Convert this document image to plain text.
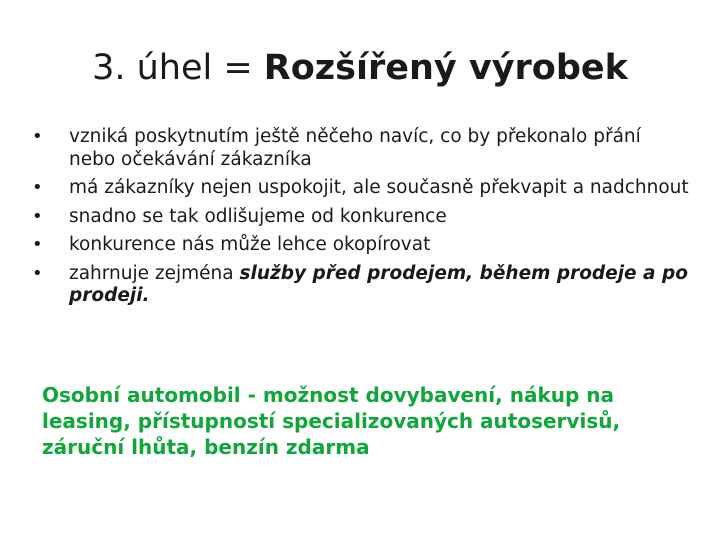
3. úhel = Rozšířený výrobek
•	vzniká poskytnutím ještě něčeho navíc, co by překonalo přání nebo očekávání zákazníka
•	má zákazníky nejen uspokojit, ale současně překvapit a nadchnout
•	snadno se tak odlišujeme od konkurence
•	konkurence nás může lehce okopírovat
•	zahrnuje zejména služby před prodejem, během prodeje a po prodeji.
Osobní automobil - možnost dovybavení, nákup na leasing, přístupností specializovaných autoservisů, záruční lhůta, benzín zdarma
